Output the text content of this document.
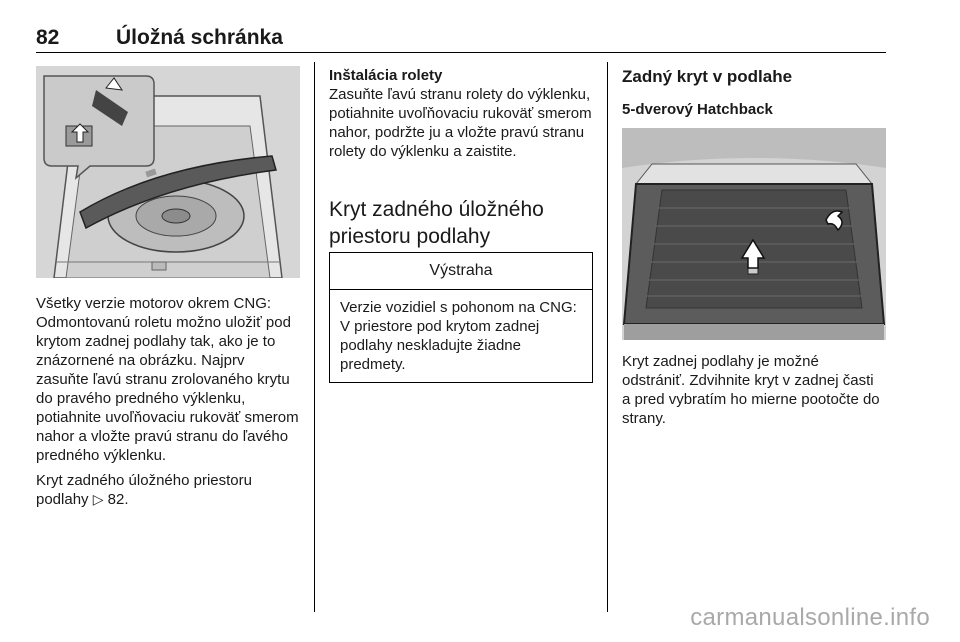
82	Úložná schránka

Všetky verzie motorov okrem CNG: Odmontovanú roletu možno uložiť pod krytom zadnej podlahy tak, ako je to znázornené na obrázku. Najprv zasuňte ľavú stranu zrolovaného krytu do pravého predného výklenku, potiahnite uvoľňovaciu rukoväť smerom nahor a vložte pravú stranu do ľavého predného výklenku.

Kryt zadného úložného priestoru podlahy ▷ 82.

Inštalácia rolety

Zasuňte ľavú stranu rolety do výklenku, potiahnite uvoľňovaciu rukoväť smerom nahor, podržte ju a vložte pravú stranu rolety do výklenku a zaistite.

Kryt zadného úložného priestoru podlahy
Výstraha
Verzie vozidiel s pohonom na CNG: V priestore pod krytom zadnej podlahy neskladujte žiadne predmety.
Zadný kryt v podlahe
5-dverový Hatchback

Kryt zadnej podlahy je možné odstrániť. Zdvihnite kryt v zadnej časti a pred vybratím ho mierne pootočte do strany.

carmanualsonline.info
